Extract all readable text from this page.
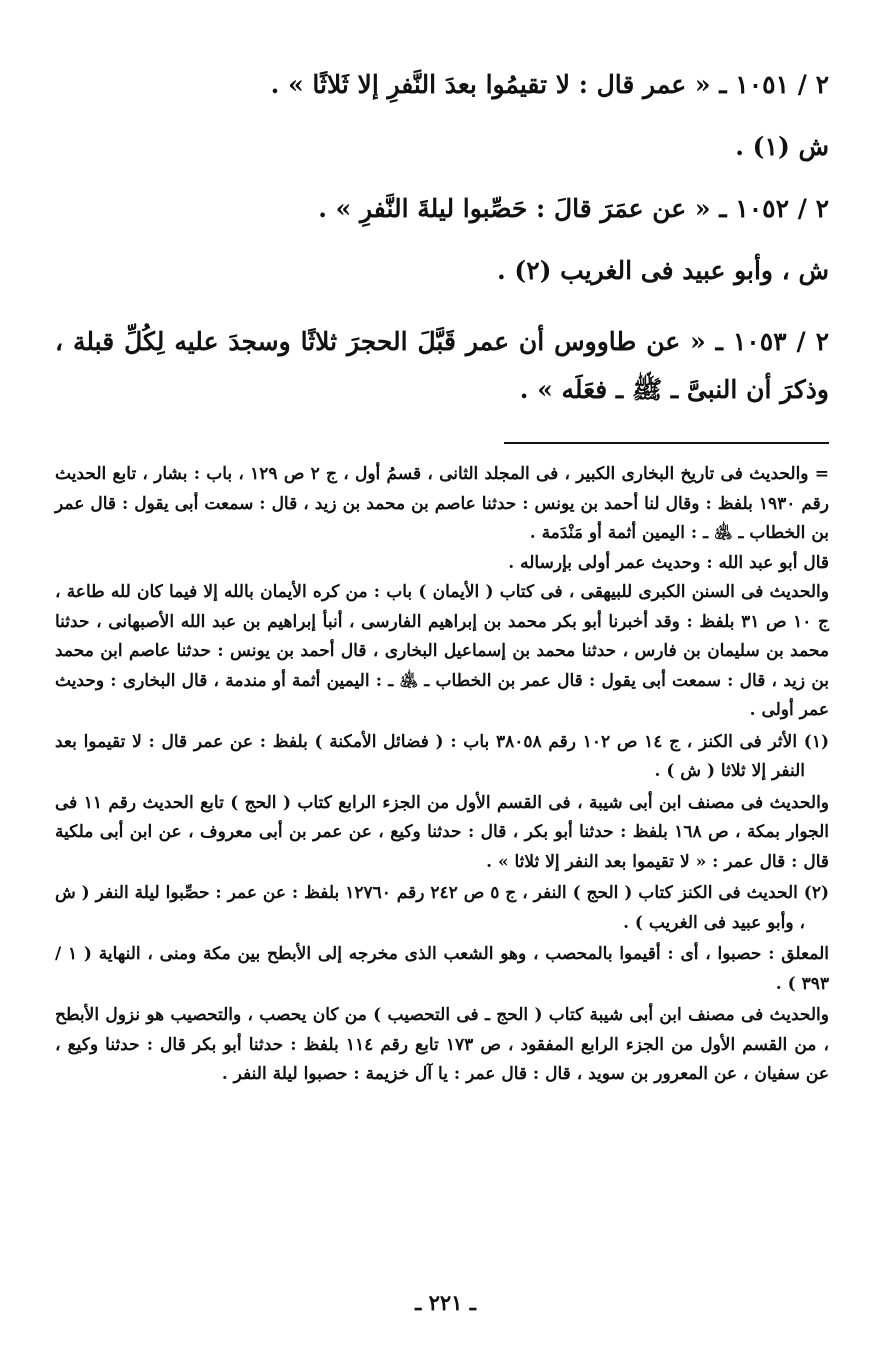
٢ / ١٠٥١ ـ « عمر قال : لا تقيمُوا بعدَ النَّفرِ إلا ثَلاثًا » .

ش (١) .

٢ / ١٠٥٢ ـ « عن عمَرَ قالَ : حَصِّبوا ليلةَ النَّفرِ » .

ش ، وأبو عبيد فى الغريب (٢) .

٢ / ١٠٥٣ ـ « عن طاووس أن عمر قَبَّلَ الحجرَ ثلاثًا وسجدَ عليه لِكُلِّ قبلة ، وذكرَ أن النبىَّ ـ ﷺ ـ فعَلَه » .

= والحديث فى تاريخ البخارى الكبير ، فى المجلد الثانى ، قسمُ أول ، ج ٢ ص ١٢٩ ، باب : بشار ، تابع الحديث رقم ١٩٣٠ بلفظ : وقال لنا أحمد بن يونس : حدثنا عاصم بن محمد بن زيد ، قال : سمعت أبى يقول : قال عمر بن الخطاب ـ ﵁ ـ : اليمين أثمة أو مَنْدَمة .

قال أبو عبد الله : وحديث عمر أولى بإرساله .

والحديث فى السنن الكبرى للبيهقى ، فى كتاب ( الأيمان ) باب : من كره الأيمان بالله إلا فيما كان لله طاعة ، ج ١٠ ص ٣١ بلفظ : وقد أخبرنا أبو بكر محمد بن إبراهيم الفارسى ، أنبأ إبراهيم بن عبد الله الأصبهانى ، حدثنا محمد بن سليمان بن فارس ، حدثنا محمد بن إسماعيل البخارى ، قال أحمد بن يونس : حدثنا عاصم ابن محمد بن زيد ، قال : سمعت أبى يقول : قال عمر بن الخطاب ـ ﵁ ـ : اليمين أثمة أو مندمة ، قال البخارى : وحديث عمر أولى .

(١) الأثر فى الكنز ، ج ١٤ ص ١٠٢ رقم ٣٨٠٥٨ باب : ( فضائل الأمكنة ) بلفظ : عن عمر قال : لا تقيموا بعد النفر إلا ثلاثا ( ش ) .

والحديث فى مصنف ابن أبى شيبة ، فى القسم الأول من الجزء الرابع كتاب ( الحج ) تابع الحديث رقم ١١ فى الجوار بمكة ، ص ١٦٨ بلفظ : حدثنا أبو بكر ، قال : حدثنا وكيع ، عن عمر بن أبى معروف ، عن ابن أبى ملكية قال : قال عمر : « لا تقيموا بعد النفر إلا ثلاثا » .

(٢) الحديث فى الكنز كتاب ( الحج ) النفر ، ج ٥ ص ٢٤٢ رقم ١٢٧٦٠ بلفظ : عن عمر : حصِّبوا ليلة النفر ( ش ، وأبو عبيد فى الغريب ) .

المعلق : حصبوا ، أى : أقيموا بالمحصب ، وهو الشعب الذى مخرجه إلى الأبطح بين مكة ومنى ، النهاية ( ١ / ٣٩٣ ) .

والحديث فى مصنف ابن أبى شيبة كتاب ( الحج ـ فى التحصيب ) من كان يحصب ، والتحصيب هو نزول الأبطح ، من القسم الأول من الجزء الرابع المفقود ، ص ١٧٣ تابع رقم ١١٤ بلفظ : حدثنا أبو بكر قال : حدثنا وكيع ، عن سفيان ، عن المعرور بن سويد ، قال : قال عمر : يا آل خزيمة : حصبوا ليلة النفر .

ـ ٢٢١ ـ
